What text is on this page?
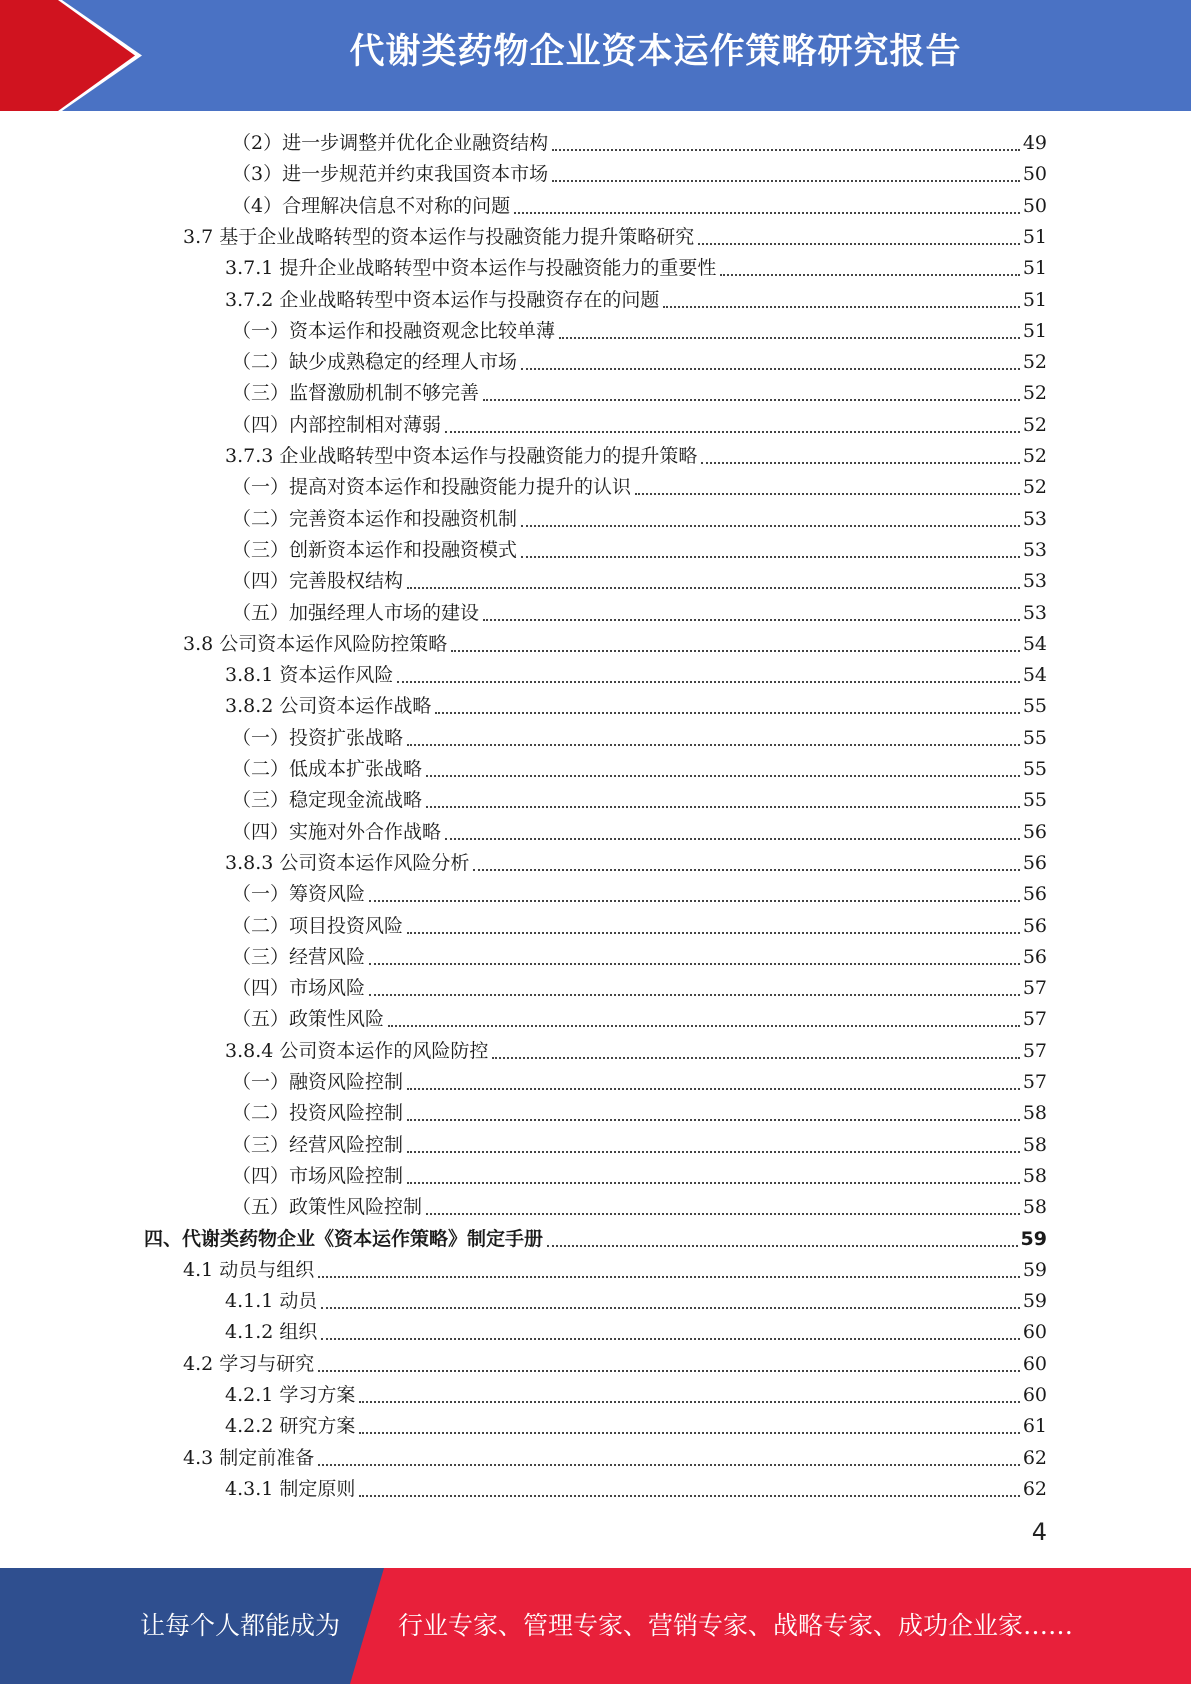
代谢类药物企业资本运作策略研究报告
（2）进一步调整并优化企业融资结构	49
（3）进一步规范并约束我国资本市场	50
（4）合理解决信息不对称的问题	50
3.7 基于企业战略转型的资本运作与投融资能力提升策略研究	51
3.7.1 提升企业战略转型中资本运作与投融资能力的重要性	51
3.7.2 企业战略转型中资本运作与投融资存在的问题	51
（一）资本运作和投融资观念比较单薄	51
（二）缺少成熟稳定的经理人市场	52
（三）监督激励机制不够完善	52
（四）内部控制相对薄弱	52
3.7.3 企业战略转型中资本运作与投融资能力的提升策略	52
（一）提高对资本运作和投融资能力提升的认识	52
（二）完善资本运作和投融资机制	53
（三）创新资本运作和投融资模式	53
（四）完善股权结构	53
（五）加强经理人市场的建设	53
3.8 公司资本运作风险防控策略	54
3.8.1 资本运作风险	54
3.8.2 公司资本运作战略	55
（一）投资扩张战略	55
（二）低成本扩张战略	55
（三）稳定现金流战略	55
（四）实施对外合作战略	56
3.8.3 公司资本运作风险分析	56
（一）筹资风险	56
（二）项目投资风险	56
（三）经营风险	56
（四）市场风险	57
（五）政策性风险	57
3.8.4 公司资本运作的风险防控	57
（一）融资风险控制	57
（二）投资风险控制	58
（三）经营风险控制	58
（四）市场风险控制	58
（五）政策性风险控制	58
四、代谢类药物企业《资本运作策略》制定手册	59
4.1 动员与组织	59
4.1.1 动员	59
4.1.2 组织	60
4.2 学习与研究	60
4.2.1 学习方案	60
4.2.2 研究方案	61
4.3 制定前准备	62
4.3.1 制定原则	62
4
让每个人都能成为 行业专家、管理专家、营销专家、战略专家、成功企业家……
